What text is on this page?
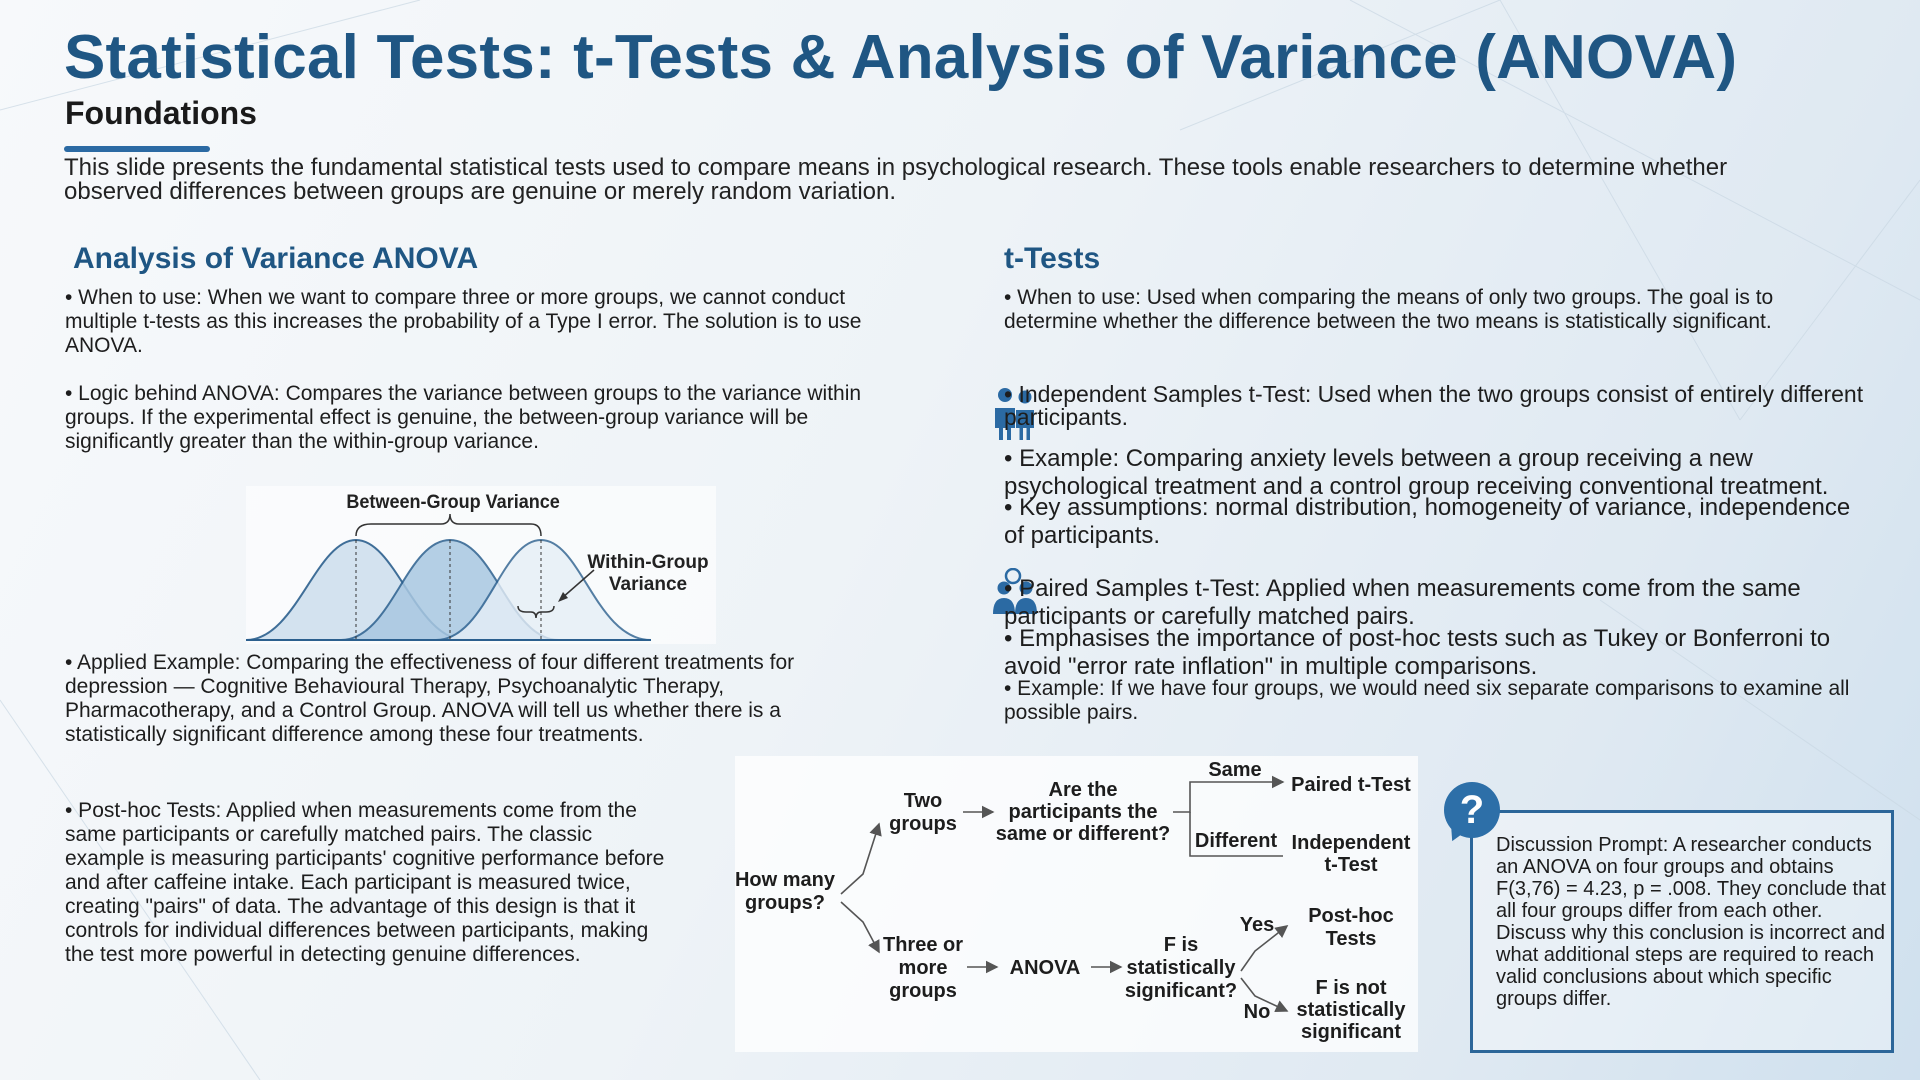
Statistical Tests: t-Tests & Analysis of Variance (ANOVA)
Foundations
This slide presents the fundamental statistical tests used to compare means in psychological research. These tools enable researchers to determine whether observed differences between groups are genuine or merely random variation.
Analysis of Variance ANOVA
• When to use: When we want to compare three or more groups, we cannot conduct multiple t-tests as this increases the probability of a Type I error. The solution is to use ANOVA.
• Logic behind ANOVA: Compares the variance between groups to the variance within groups. If the experimental effect is genuine, the between-group variance will be significantly greater than the within-group variance.
Between-Group Variance
Within-Group
Variance
• Applied Example: Comparing the effectiveness of four different treatments for depression — Cognitive Behavioural Therapy, Psychoanalytic Therapy, Pharmacotherapy, and a Control Group. ANOVA will tell us whether there is a statistically significant difference among these four treatments.
• Post-hoc Tests: Applied when measurements come from the same participants or carefully matched pairs. The classic example is measuring participants' cognitive performance before and after caffeine intake. Each participant is measured twice, creating "pairs" of data. The advantage of this design is that it controls for individual differences between participants, making the test more powerful in detecting genuine differences.
t-Tests
• When to use: Used when comparing the means of only two groups. The goal is to determine whether the difference between the two means is statistically significant.
• Independent Samples t-Test: Used when the two groups consist of entirely different participants.
• Example: Comparing anxiety levels between a group receiving a new psychological treatment and a control group receiving conventional treatment.
• Key assumptions: normal distribution, homogeneity of variance, independence of participants.
• Paired Samples t-Test: Applied when measurements come from the same participants or carefully matched pairs.
• Emphasises the importance of post-hoc tests such as Tukey or Bonferroni to avoid "error rate inflation" in multiple comparisons.
• Example: If we have four groups, we would need six separate comparisons to examine all possible pairs.
How many
groups?
Two
groups
Three or
more
groups
Are the
participants the
same or different?
Same
Different
Paired t-Test
Independent
t-Test
ANOVA
F is
statistically
significant?
Yes
No
Post-hoc
Tests
F is not
statistically
significant
?
Discussion Prompt: A researcher conducts an ANOVA on four groups and obtains F(3,76) = 4.23, p = .008. They conclude that all four groups differ from each other. Discuss why this conclusion is incorrect and what additional steps are required to reach valid conclusions about which specific groups differ.
